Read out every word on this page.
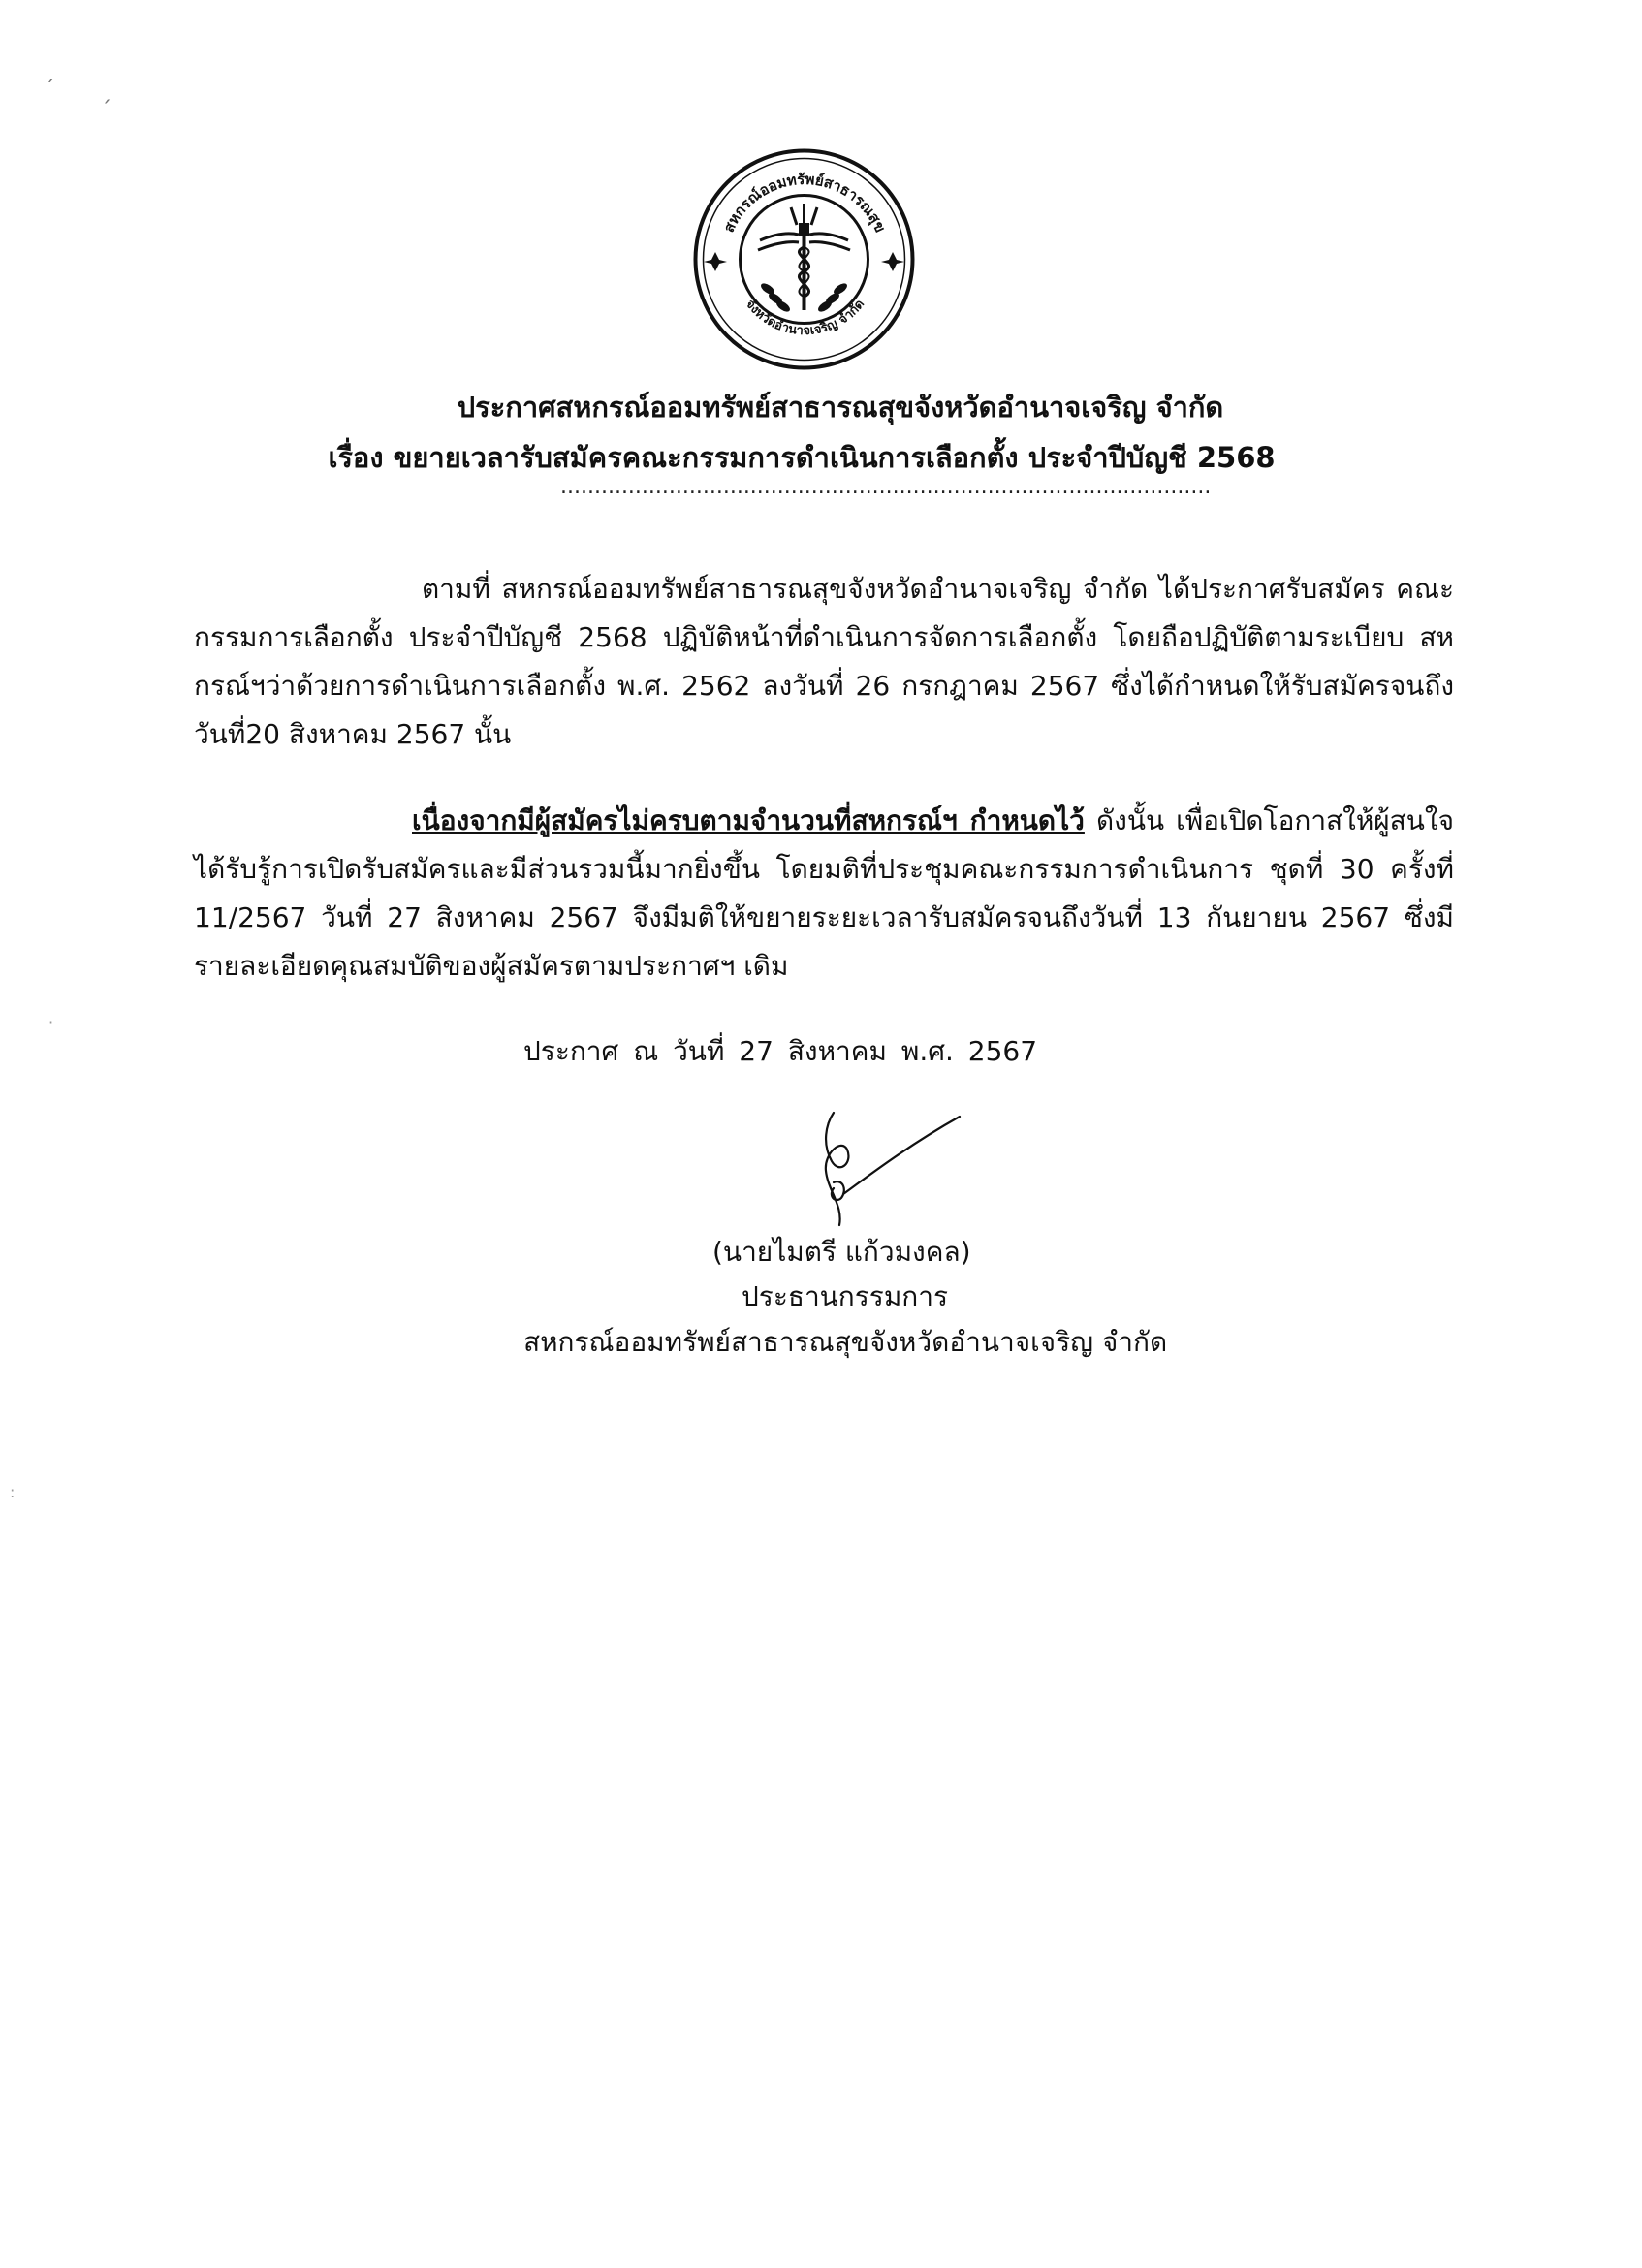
ˊ ˏ
สหกรณ์ออมทรัพย์สาธารณสุข
จังหวัดอำนาจเจริญ จำกัด
ประกาศสหกรณ์ออมทรัพย์สาธารณสุขจังหวัดอำนาจเจริญ จำกัด
เรื่อง ขยายเวลารับสมัครคณะกรรมการดำเนินการเลือกตั้ง ประจำปีบัญชี 2568
................................................................................................
ตามที่ สหกรณ์ออมทรัพย์สาธารณสุขจังหวัดอำนาจเจริญ จำกัด ได้ประกาศรับสมัคร คณะกรรมการเลือกตั้ง ประจำปีบัญชี 2568 ปฏิบัติหน้าที่ดำเนินการจัดการเลือกตั้ง โดยถือปฏิบัติตามระเบียบ สหกรณ์ฯว่าด้วยการดำเนินการเลือกตั้ง พ.ศ. 2562 ลงวันที่ 26 กรกฎาคม 2567 ซึ่งได้กำหนดให้รับสมัครจนถึง วันที่20 สิงหาคม 2567 นั้น
เนื่องจากมีผู้สมัครไม่ครบตามจำนวนที่สหกรณ์ฯ กำหนดไว้ ดังนั้น เพื่อเปิดโอกาสให้ผู้สนใจ ได้รับรู้การเปิดรับสมัครและมีส่วนรวมนี้มากยิ่งขึ้น โดยมติที่ประชุมคณะกรรมการดำเนินการ ชุดที่ 30 ครั้งที่ 11/2567 วันที่ 27 สิงหาคม 2567 จึงมีมติให้ขยายระยะเวลารับสมัครจนถึงวันที่ 13 กันยายน 2567 ซึ่งมี รายละเอียดคุณสมบัติของผู้สมัครตามประกาศฯ เดิม
ประกาศ ณ วันที่ 27 สิงหาคม พ.ศ. 2567
(นายไมตรี แก้วมงคล)
ประธานกรรมการ
สหกรณ์ออมทรัพย์สาธารณสุขจังหวัดอำนาจเจริญ จำกัด
·
:
